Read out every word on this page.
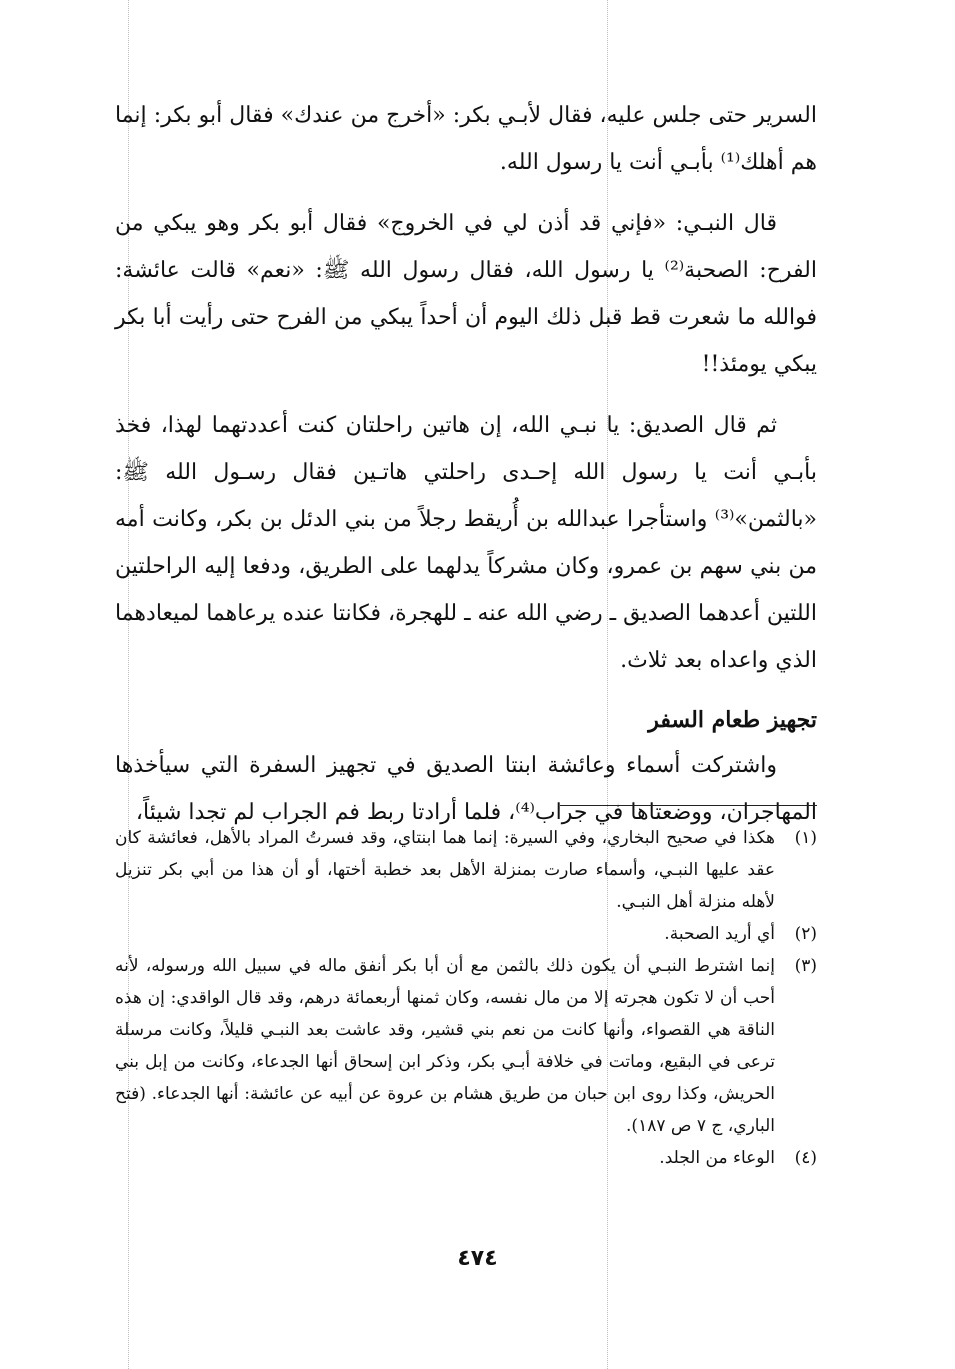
السرير حتى جلس عليه، فقال لأبـي بكر: «أخرج من عندك» فقال أبو بكر: إنما هم أهلك⁽¹⁾ بأبـي أنت يا رسول الله.

قال النبـي: «فإني قد أذن لي في الخروج» فقال أبو بكر وهو يبكي من الفرح: الصحبة⁽²⁾ يا رسول الله، فقال رسول الله ﷺ: «نعم» قالت عائشة: فوالله ما شعرت قط قبل ذلك اليوم أن أحداً يبكي من الفرح حتى رأيت أبا بكر يبكي يومئذ!!

ثم قال الصديق: يا نبـي الله، إن هاتين راحلتان كنت أعددتهما لهذا، فخذ بأبـي أنت يا رسول الله إحـدى راحلتي هاتـين فقال رسـول الله ﷺ: «بالثمن»⁽³⁾ واستأجرا عبدالله بن أُريقط رجلاً من بني الدئل بن بكر، وكانت أمه من بني سهم بن عمرو، وكان مشركاً يدلهما على الطريق، ودفعا إليه الراحلتين اللتين أعدهما الصديق ـ رضي الله عنه ـ للهجرة، فكانتا عنده يرعاهما لميعادهما الذي واعداه بعد ثلاث.

تجهيز طعام السفر

واشتركت أسماء وعائشة ابنتا الصديق في تجهيز السفرة التي سيأخذها المهاجران، ووضعتاها في جراب⁽⁴⁾، فلما أرادتا ربط فم الجراب لم تجدا شيئاً،

(١)
هكذا في صحيح البخاري، وفي السيرة: إنما هما ابنتاي، وقد فسرتُ المراد بالأهل، فعائشة كان عقد عليها النبـي، وأسماء صارت بمنزلة الأهل بعد خطبة أختها، أو أن هذا من أبي بكر تنزيل لأهله منزلة أهل النبـي.
(٢)
أي أريد الصحبة.
(٣)
إنما اشترط النبـي أن يكون ذلك بالثمن مع أن أبا بكر أنفق ماله في سبيل الله ورسوله، لأنه أحب أن لا تكون هجرته إلا من مال نفسه، وكان ثمنها أربعمائة درهم، وقد قال الواقدي: إن هذه الناقة هي القصواء، وأنها كانت من نعم بني قشير، وقد عاشت بعد النبـي قليلاً، وكانت مرسلة ترعى في البقيع، وماتت في خلافة أبـي بكر، وذكر ابن إسحاق أنها الجدعاء، وكانت من إبل بني الحريش، وكذا روى ابن حبان من طريق هشام بن عروة عن أبيه عن عائشة: أنها الجدعاء. (فتح الباري، ج ٧ ص ١٨٧).
(٤)
الوعاء من الجلد.
٤٧٤
